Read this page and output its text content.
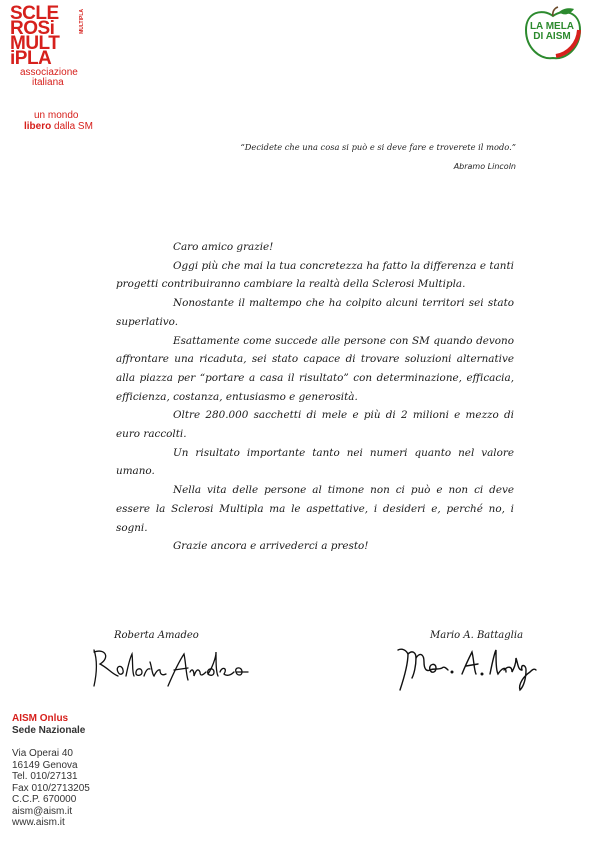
SCLE
ROSi
MULT
iPLA
MULTIPLA
associazione
italiana
un mondo
libero dalla SM
LA MELA
DI AISM
“Decidete che una cosa si può e si deve fare e troverete il modo.”
Abramo Lincoln

Caro amico grazie!

Oggi più che mai la tua concretezza ha fatto la differenza e tanti progetti contribuiranno cambiare la realtà della Sclerosi Multipla.

Nonostante il maltempo che ha colpito alcuni territori sei stato superlativo.

Esattamente come succede alle persone con SM quando devono affrontare una ricaduta, sei stato capace di trovare soluzioni alternative alla piazza per “portare a casa il risultato” con determinazione, efficacia, efficienza, costanza, entusiasmo e generosità.

Oltre 280.000 sacchetti di mele e più di 2 milioni e mezzo di euro raccolti.

Un risultato importante tanto nei numeri quanto nel valore umano.

Nella vita delle persone al timone non ci può e non ci deve essere la Sclerosi Multipla ma le aspettative, i desideri e, perché no, i sogni.

Grazie ancora e arrivederci a presto!

Roberta Amadeo	Mario A. Battaglia
AISM Onlus
Sede Nazionale
Via Operai 40
16149 Genova
Tel. 010/27131
Fax 010/2713205
C.C.P. 670000
aism@aism.it
www.aism.it
